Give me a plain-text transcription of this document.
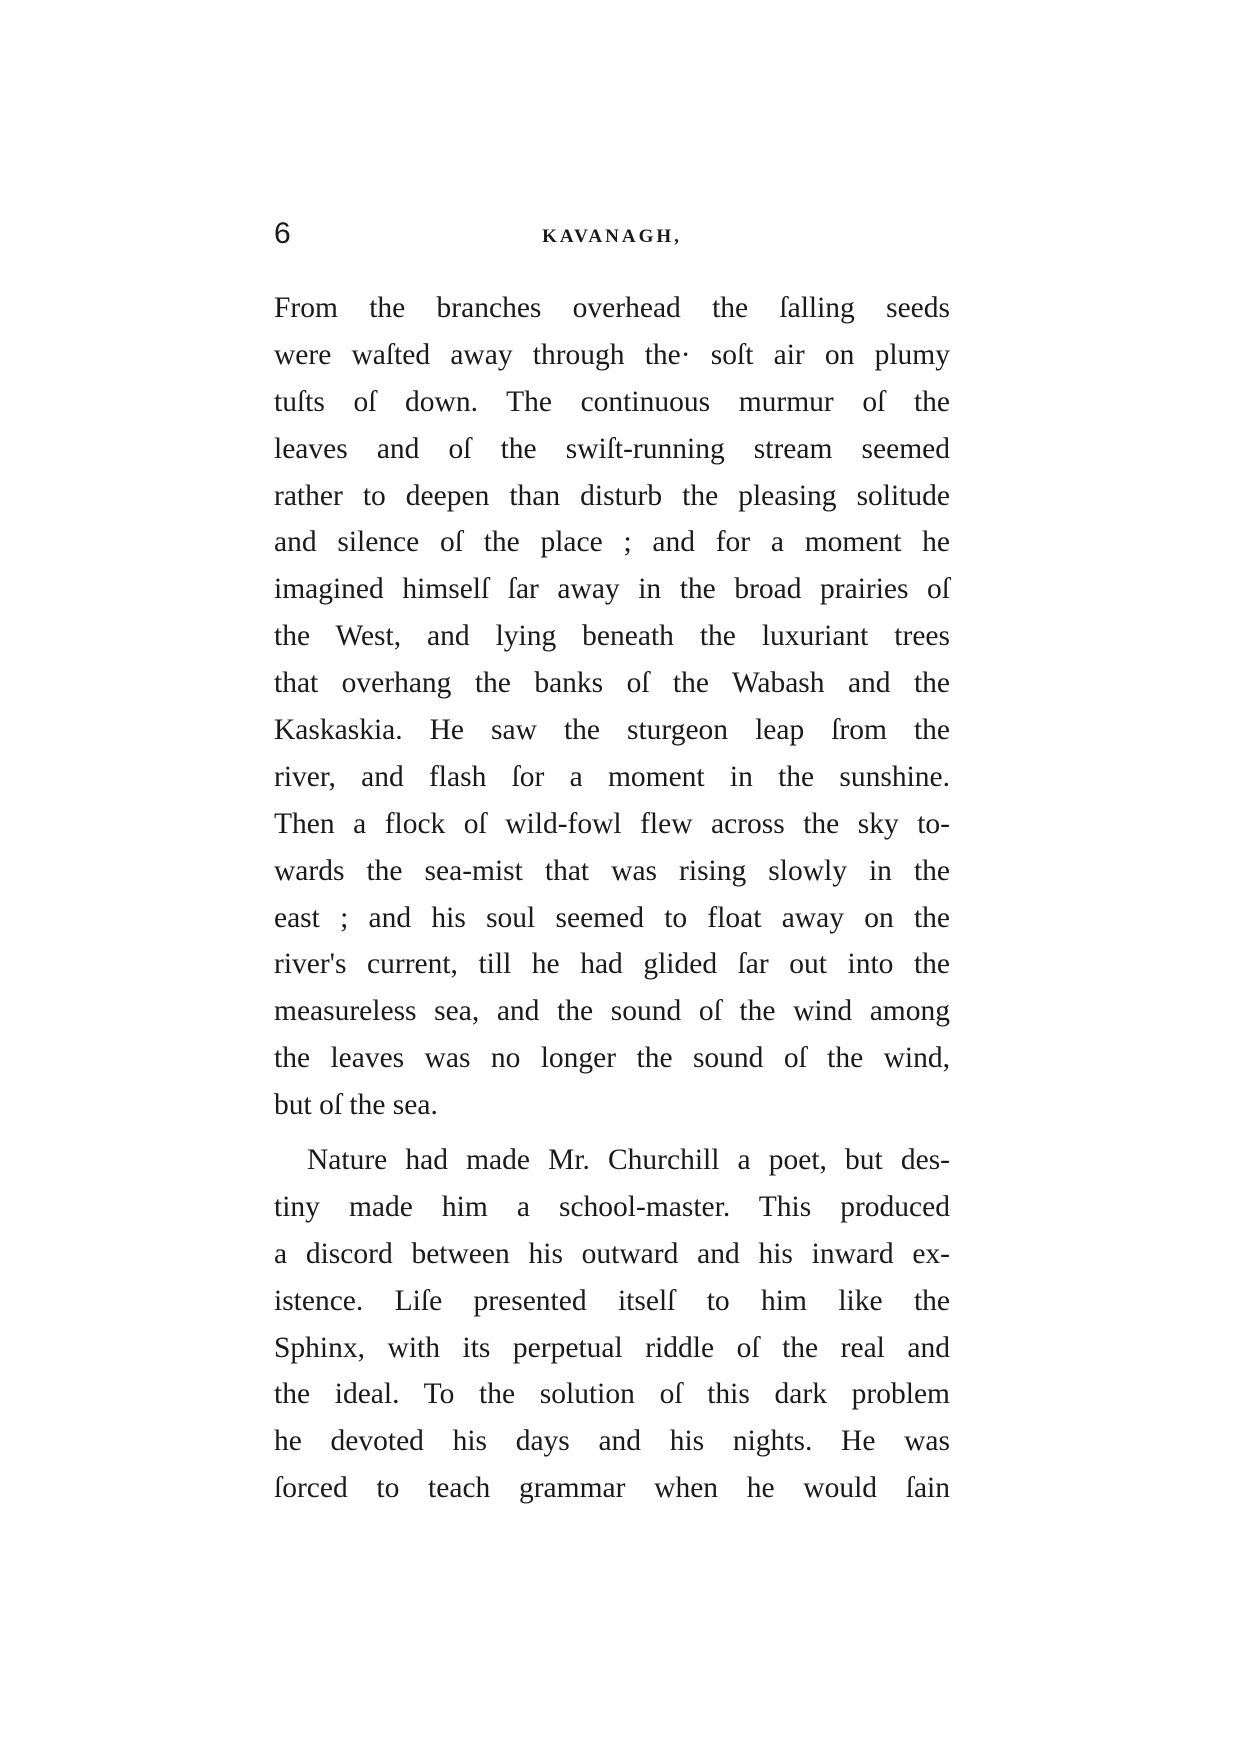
6	KAVANAGH,
From the branches overhead the ſalling seeds
were waſted away through the· soſt air on plumy
tuſts oſ down. The continuous murmur oſ the
leaves and oſ the swiſt-running stream seemed
rather to deepen than disturb the pleasing solitude
and silence oſ the place ; and for a moment he
imagined himselſ ſar away in the broad prairies oſ
the West, and lying beneath the luxuriant trees
that overhang the banks oſ the Wabash and the
Kaskaskia. He saw the sturgeon leap ſrom the
river, and flash ſor a moment in the sunshine.
Then a flock oſ wild-fowl flew across the sky to-
wards the sea-mist that was rising slowly in the
east ; and his soul seemed to float away on the
river's current, till he had glided ſar out into the
measureless sea, and the sound oſ the wind among
the leaves was no longer the sound oſ the wind,
but oſ the sea.
Nature had made Mr. Churchill a poet, but des-
tiny made him a school-master. This produced
a discord between his outward and his inward ex-
istence. Liſe presented itselſ to him like the
Sphinx, with its perpetual riddle oſ the real and
the ideal. To the solution oſ this dark problem
he devoted his days and his nights. He was
ſorced to teach grammar when he would ſain
